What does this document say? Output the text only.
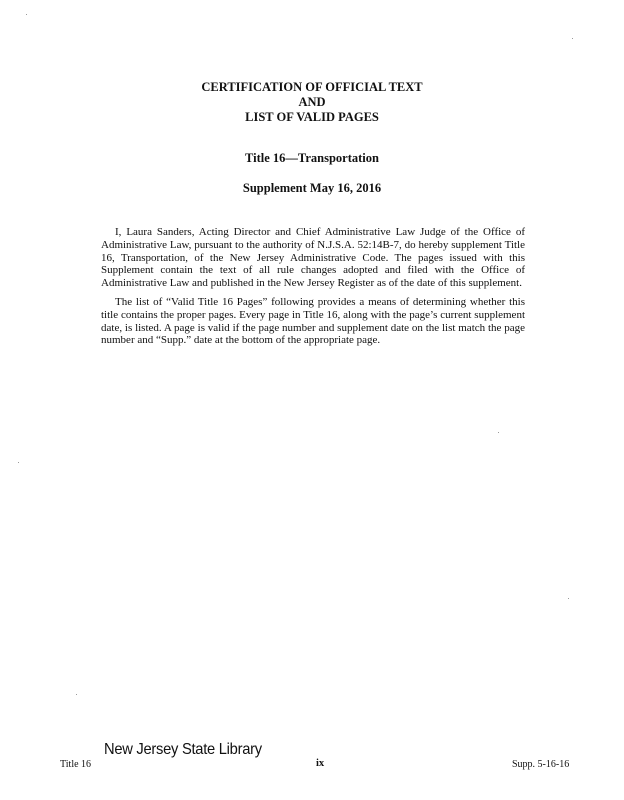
CERTIFICATION OF OFFICIAL TEXT
AND
LIST OF VALID PAGES
Title 16—Transportation
Supplement May 16, 2016

I, Laura Sanders, Acting Director and Chief Administrative Law Judge of the Office of Administrative Law, pursuant to the authority of N.J.S.A. 52:14B-7, do hereby supplement Title 16, Transportation, of the New Jersey Administrative Code. The pages issued with this Supplement contain the text of all rule changes adopted and filed with the Office of Administrative Law and published in the New Jersey Register as of the date of this supplement.

The list of “Valid Title 16 Pages” following provides a means of determining whether this title contains the proper pages. Every page in Title 16, along with the page’s current supplement date, is listed. A page is valid if the page number and supplement date on the list match the page number and “Supp.” date at the bottom of the appropriate page.

Title 16
New Jersey State Library
ix	Supp. 5-16-16
